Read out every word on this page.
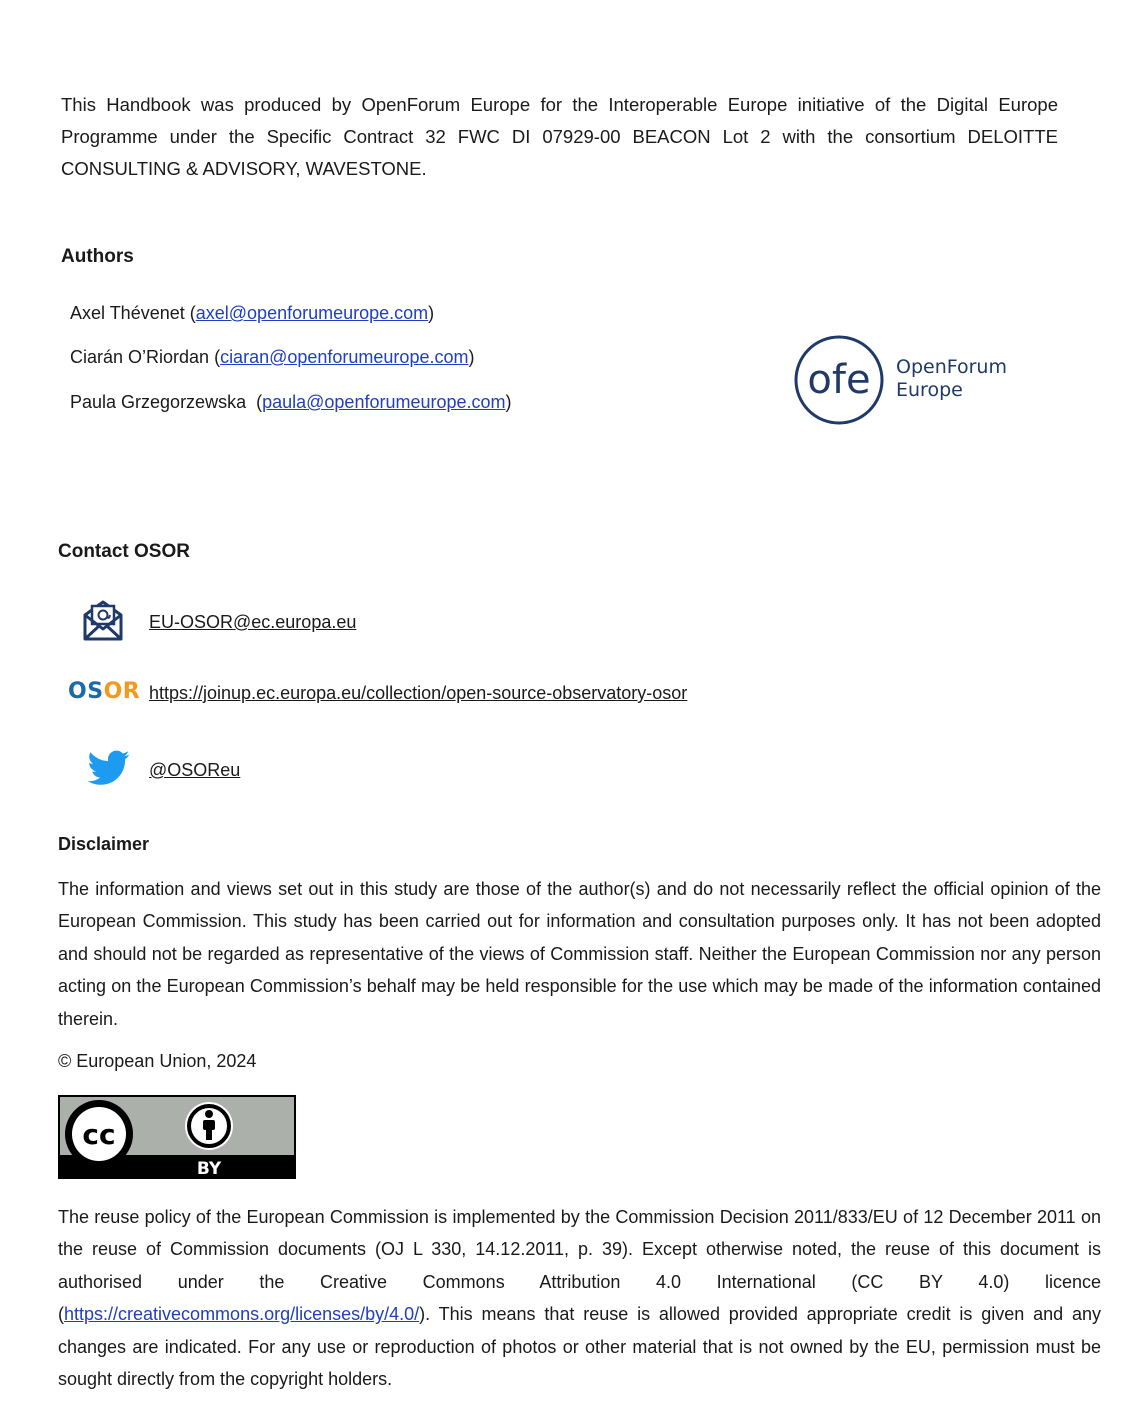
This Handbook was produced by OpenForum Europe for the Interoperable Europe initiative of the Digital Europe Programme under the Specific Contract 32 FWC DI 07929-00 BEACON Lot 2 with the consortium DELOITTE CONSULTING & ADVISORY, WAVESTONE.

Authors
Axel Thévenet (axel@openforumeurope.com)
Ciarán O’Riordan (ciaran@openforumeurope.com)
Paula Grzegorzewska  (paula@openforumeurope.com)	ofe OpenForum
Europe
Contact OSOR
EU-OSOR@ec.europa.eu
OSOR https://joinup.ec.europa.eu/collection/open-source-observatory-osor
@OSOReu
Disclaimer

The information and views set out in this study are those of the author(s) and do not necessarily reflect the official opinion of the European Commission. This study has been carried out for information and consultation purposes only. It has not been adopted and should not be regarded as representative of the views of Commission staff. Neither the European Commission nor any person acting on the European Commission’s behalf may be held responsible for the use which may be made of the information contained therein.

© European Union, 2024
cc
BY

The reuse policy of the European Commission is implemented by the Commission Decision 2011/833/EU of 12 December 2011 on the reuse of Commission documents (OJ L 330, 14.12.2011, p. 39). Except otherwise noted, the reuse of this document is authorised under the Creative Commons Attribution 4.0 International (CC BY 4.0) licence (https://creativecommons.org/licenses/by/4.0/). This means that reuse is allowed provided appropriate credit is given and any changes are indicated. For any use or reproduction of photos or other material that is not owned by the EU, permission must be sought directly from the copyright holders.
